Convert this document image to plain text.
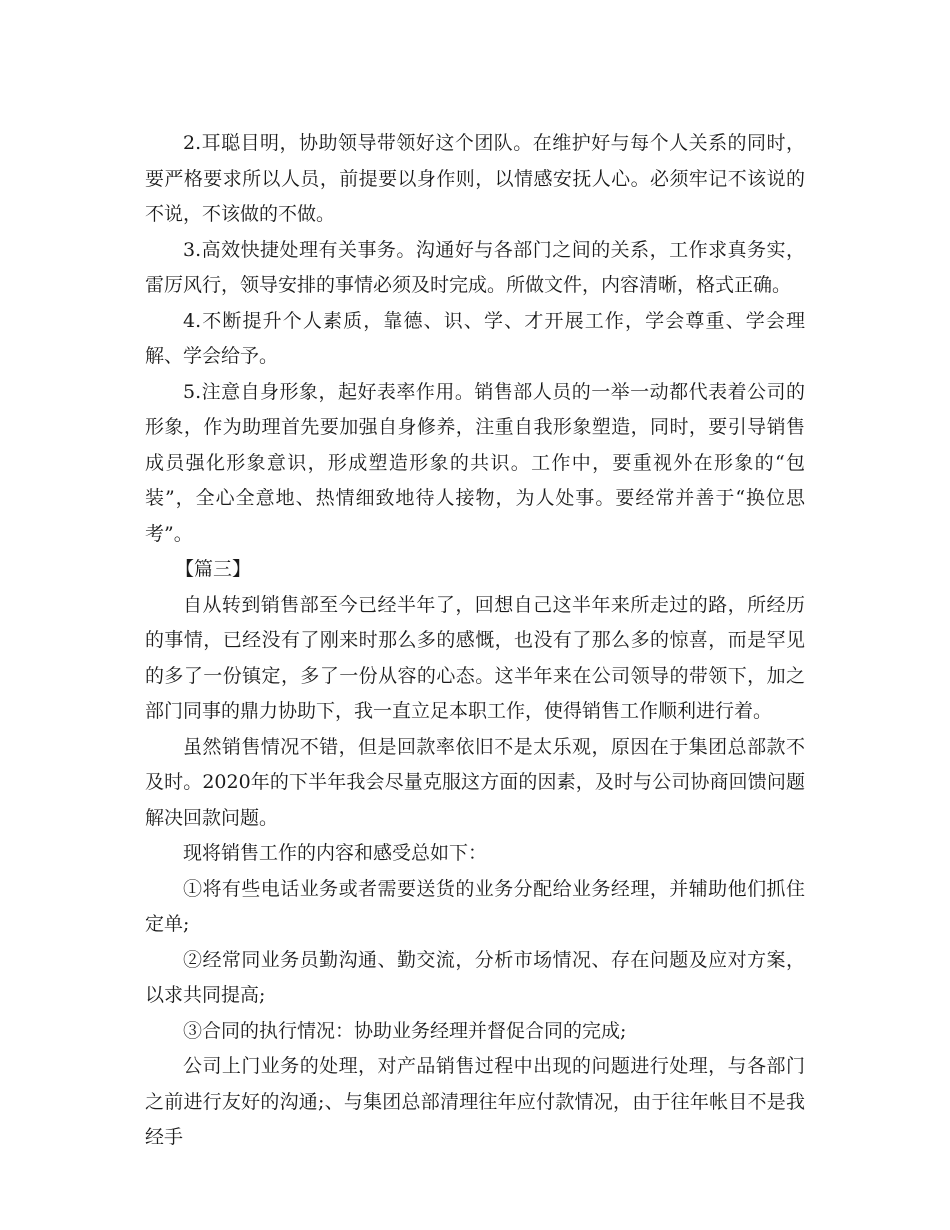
2.耳聪目明，协助领导带领好这个团队。在维护好与每个人关系的同时，要严格要求所以人员，前提要以身作则，以情感安抚人心。必须牢记不该说的不说，不该做的不做。

3.高效快捷处理有关事务。沟通好与各部门之间的关系，工作求真务实，雷厉风行，领导安排的事情必须及时完成。所做文件，内容清晰，格式正确。

4.不断提升个人素质，靠德、识、学、才开展工作，学会尊重、学会理解、学会给予。

5.注意自身形象，起好表率作用。销售部人员的一举一动都代表着公司的形象，作为助理首先要加强自身修养，注重自我形象塑造，同时，要引导销售成员强化形象意识，形成塑造形象的共识。工作中，要重视外在形象的“包装”，全心全意地、热情细致地待人接物，为人处事。要经常并善于“换位思考”。

【篇三】

自从转到销售部至今已经半年了，回想自己这半年来所走过的路，所经历的事情，已经没有了刚来时那么多的感慨，也没有了那么多的惊喜，而是罕见的多了一份镇定，多了一份从容的心态。这半年来在公司领导的带领下，加之部门同事的鼎力协助下，我一直立足本职工作，使得销售工作顺利进行着。

虽然销售情况不错，但是回款率依旧不是太乐观，原因在于集团总部款不及时。2020年的下半年我会尽量克服这方面的因素，及时与公司协商回馈问题解决回款问题。

现将销售工作的内容和感受总如下：

①将有些电话业务或者需要送货的业务分配给业务经理，并辅助他们抓住定单;

②经常同业务员勤沟通、勤交流，分析市场情况、存在问题及应对方案，以求共同提高;

③合同的执行情况：协助业务经理并督促合同的完成;

公司上门业务的处理，对产品销售过程中出现的问题进行处理，与各部门之前进行友好的沟通;、与集团总部清理往年应付款情况，由于往年帐目不是我经手
